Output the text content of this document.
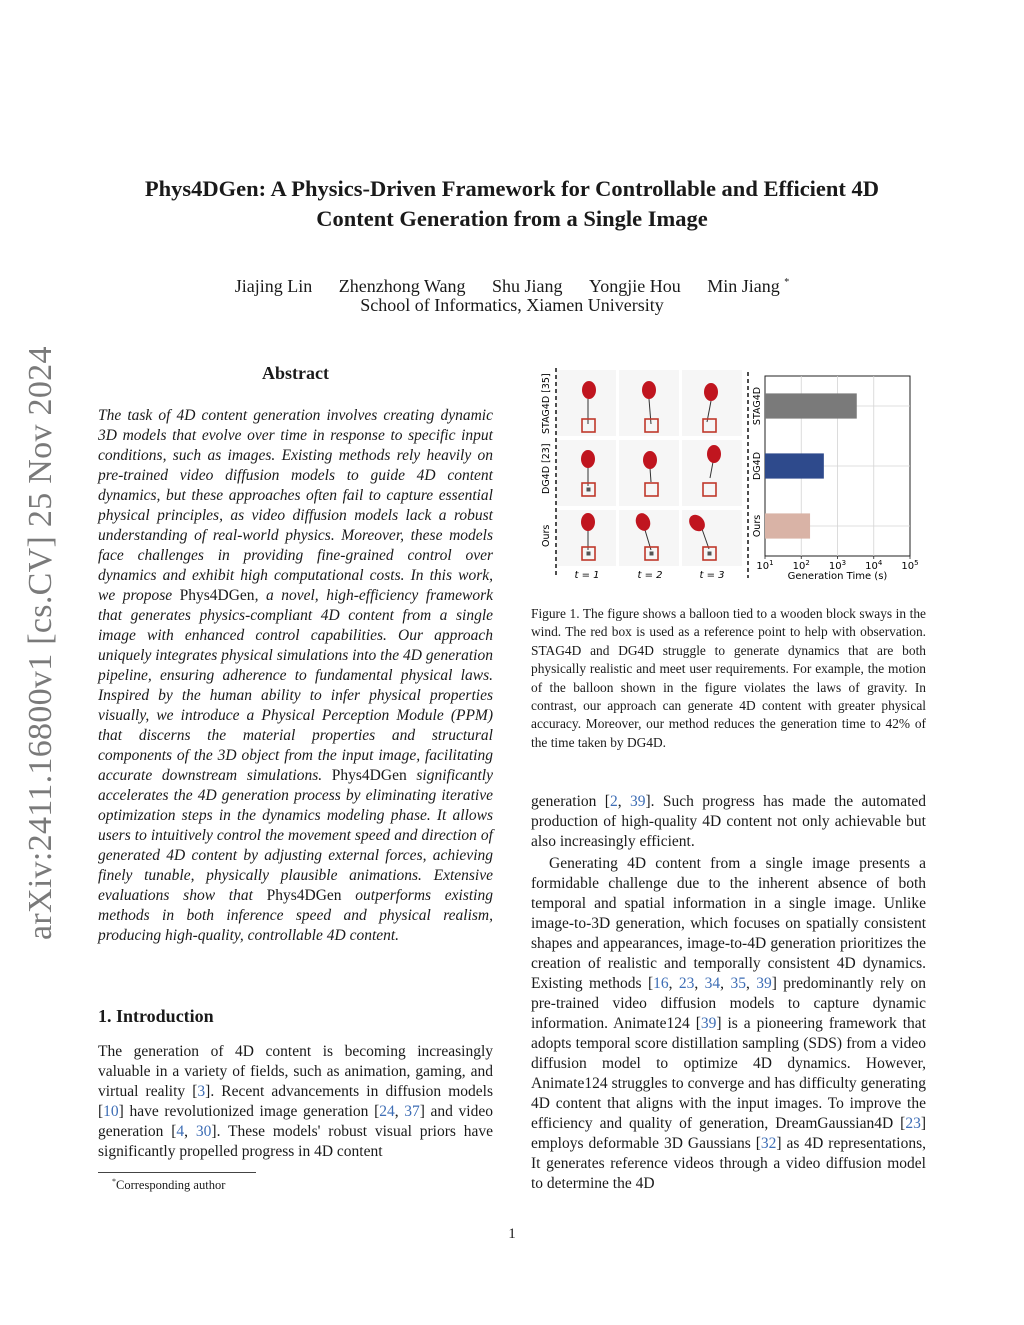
arXiv:2411.16800v1 [cs.CV] 25 Nov 2024
Phys4DGen: A Physics-Driven Framework for Controllable and Efficient 4D
Content Generation from a Single Image
Jiajing Lin Zhenzhong Wang Shu Jiang Yongjie Hou Min Jiang *
School of Informatics, Xiamen University
Abstract
The task of 4D content generation involves creating dynamic 3D models that evolve over time in response to specific input conditions, such as images. Existing methods rely heavily on pre-trained video diffusion models to guide 4D content dynamics, but these approaches often fail to capture essential physical principles, as video diffusion models lack a robust understanding of real-world physics. Moreover, these models face challenges in providing fine-grained control over dynamics and exhibit high computational costs. In this work, we propose Phys4DGen, a novel, high-efficiency framework that generates physics-compliant 4D content from a single image with enhanced control capabilities. Our approach uniquely integrates physical simulations into the 4D generation pipeline, ensuring adherence to fundamental physical laws. Inspired by the human ability to infer physical properties visually, we introduce a Physical Perception Module (PPM) that discerns the material properties and structural components of the 3D object from the input image, facilitating accurate downstream simulations. Phys4DGen significantly accelerates the 4D generation process by eliminating iterative optimization steps in the dynamics modeling phase. It allows users to intuitively control the movement speed and direction of generated 4D content by adjusting external forces, achieving finely tunable, physically plausible animations. Extensive evaluations show that Phys4DGen outperforms existing methods in both inference speed and physical realism, producing high-quality, controllable 4D content.
1. Introduction
The generation of 4D content is becoming increasingly valuable in a variety of fields, such as animation, gaming, and virtual reality [3]. Recent advancements in diffusion models [10] have revolutionized image generation [24, 37] and video generation [4, 30]. These models' robust visual priors have significantly propelled progress in 4D content
*Corresponding author
STAG4D [35]
DG4D [23]
Ours
t = 1	t = 2	t = 3
$10^1$ $10^2$ $10^3$ $10^4$ $10^5$
STAG4D
DG4D
Ours
Generation Time (s)
Figure 1. The figure shows a balloon tied to a wooden block sways in the wind. The red box is used as a reference point to help with observation. STAG4D and DG4D struggle to generate dynamics that are both physically realistic and meet user requirements. For example, the motion of the balloon shown in the figure violates the laws of gravity. In contrast, our approach can generate 4D content with greater physical accuracy. Moreover, our method reduces the generation time to 42% of the time taken by DG4D.

generation [2, 39]. Such progress has made the automated production of high-quality 4D content not only achievable but also increasingly efficient.

Generating 4D content from a single image presents a formidable challenge due to the inherent absence of both temporal and spatial information in a single image. Unlike image-to-3D generation, which focuses on spatially consistent shapes and appearances, image-to-4D generation prioritizes the creation of realistic and temporally consistent 4D dynamics. Existing methods [16, 23, 34, 35, 39] predominantly rely on pre-trained video diffusion models to capture dynamic information. Animate124 [39] is a pioneering framework that adopts temporal score distillation sampling (SDS) from a video diffusion model to optimize 4D dynamics. However, Animate124 struggles to converge and has difficulty generating 4D content that aligns with the input images. To improve the efficiency and quality of generation, DreamGaussian4D [23] employs deformable 3D Gaussians [32] as 4D representations, It generates reference videos through a video diffusion model to determine the 4D

1
